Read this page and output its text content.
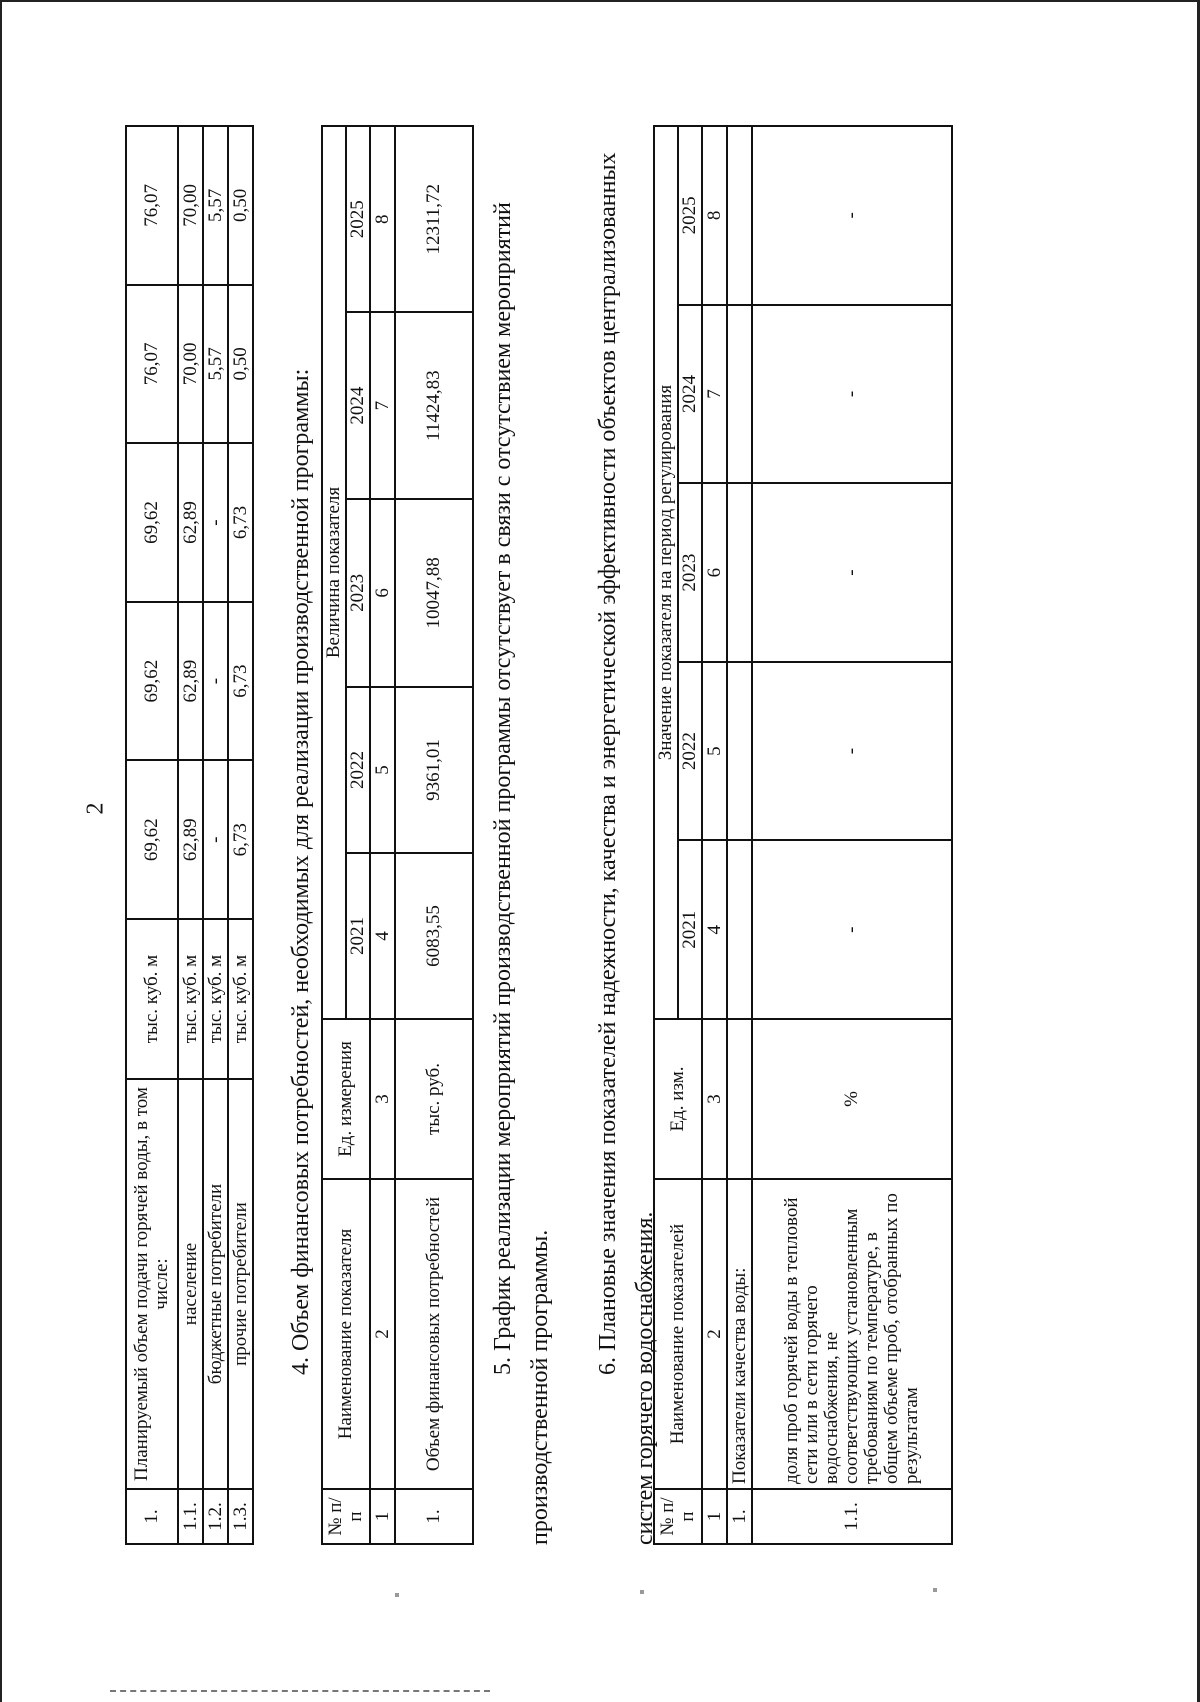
2
1.	Планируемый объем подачи горячей воды, в том числе:	тыс. куб. м	69,62	69,62	69,62	76,07	76,07
1.1.	население	тыс. куб. м	62,89	62,89	62,89	70,00	70,00
1.2.	бюджетные потребители	тыс. куб. м	-	-	-	5,57	5,57
1.3.	прочие потребители	тыс. куб. м	6,73	6,73	6,73	0,50	0,50
4. Объем финансовых потребностей, необходимых для реализации производственной программы:
№ п/п	Наименование показателя	Ед. измерения	Величина показателя				
			2021	2022	2023	2024	2025
1	2	3	4	5	6	7	8
1.	Объем финансовых потребностей	тыс. руб.	6083,55	9361,01	10047,88	11424,83	12311,72 5. График реализации мероприятий производственной программы отсутствует в связи с отсутствием мероприятий производственной программы.
6. Плановые значения показателей надежности, качества и энергетической эффективности объектов централизованных систем горячего водоснабжения.
№ п/п	Наименование показателей	Ед. изм.	Значение показателя на период регулирования				
			2021	2022	2023	2024	2025
1	2	3	4	5	6	7	8
1.	Показатели качества воды:						
1.1.	доля проб горячей воды в тепловой сети или в сети горячего водоснабжения, не соответствующих установленным требованиям по температуре, в общем объеме проб, отобранных по результатам	%	-	-	-	-	-
